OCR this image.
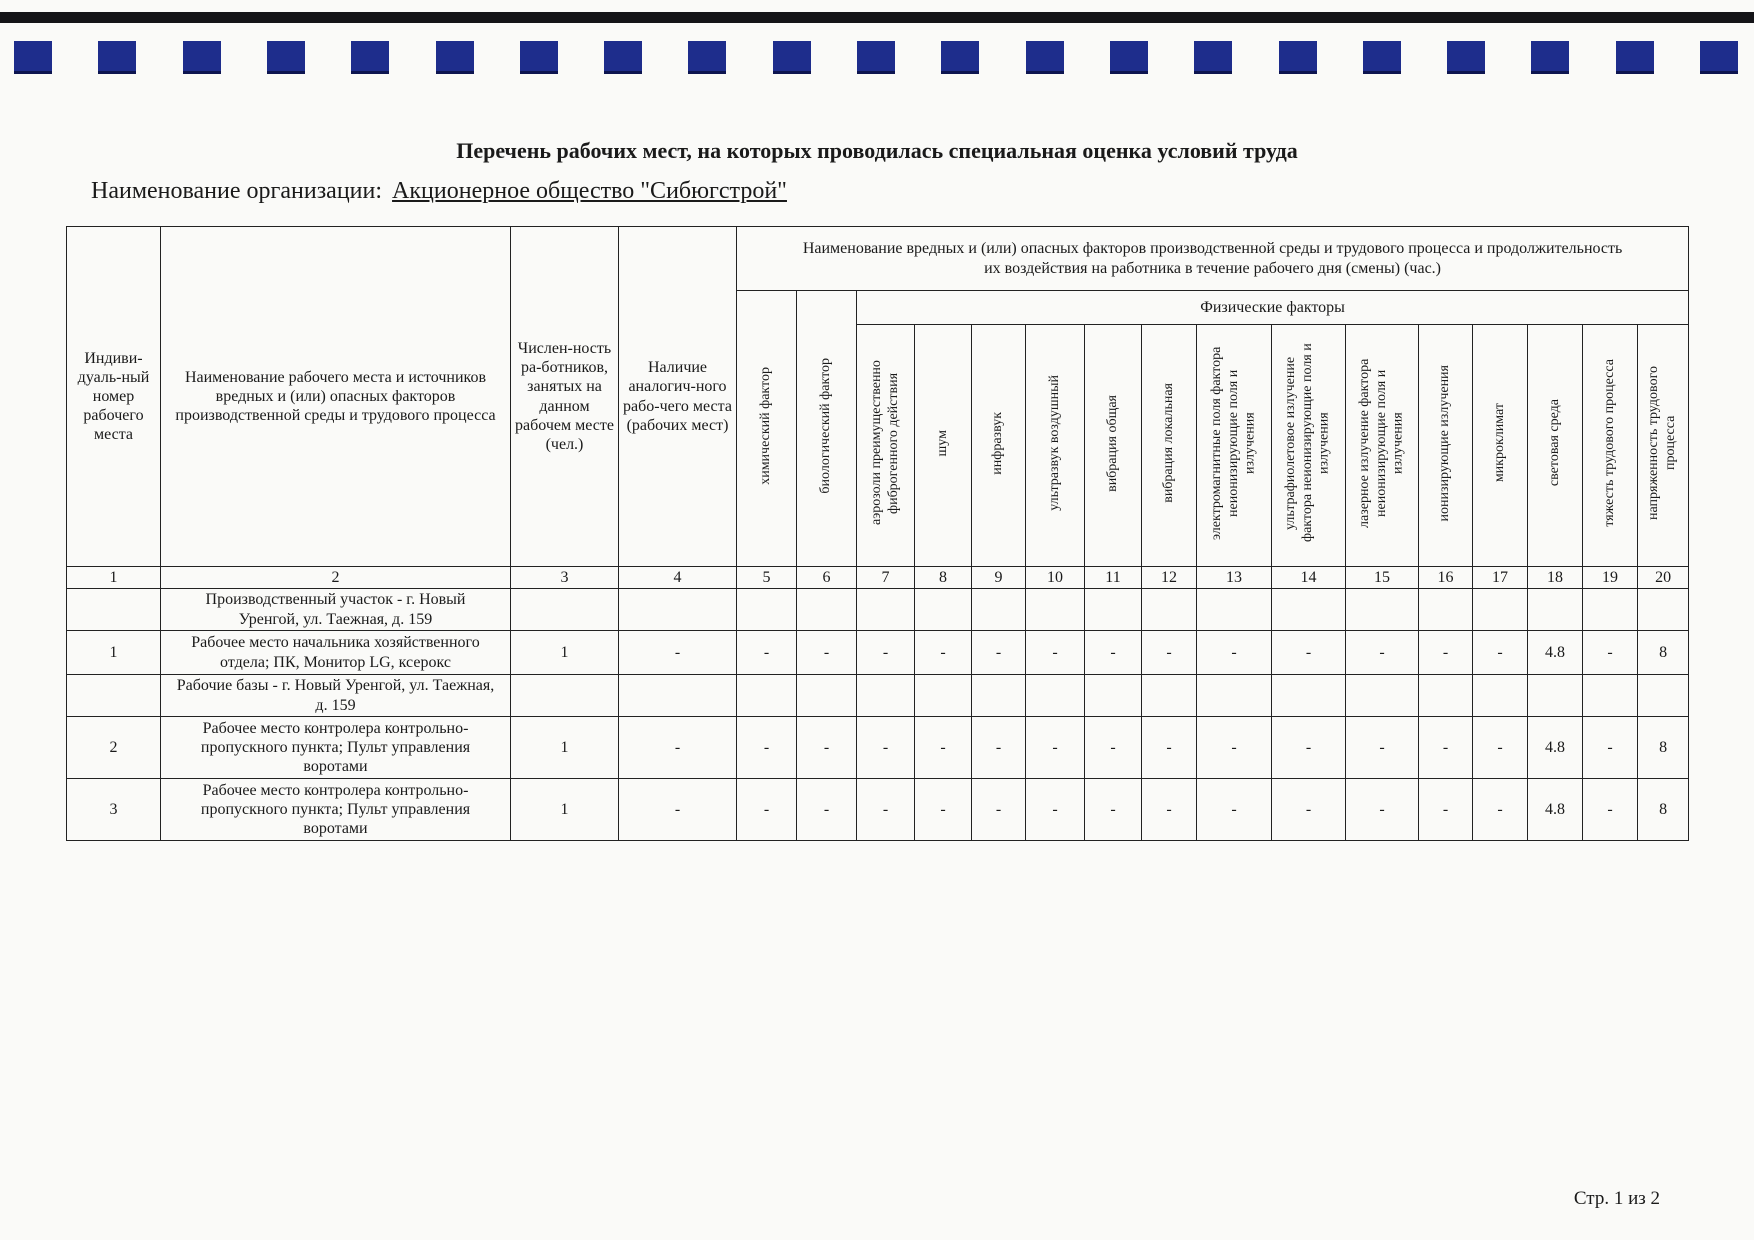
Перечень рабочих мест, на которых проводилась специальная оценка условий труда
Наименование организации: Акционерное общество "Сибюгстрой"
Индиви-дуаль-ный номер рабочего места	Наименование рабочего места и источников вредных и (или) опасных факторов производственной среды и трудового процесса	Числен-ность ра-ботников, занятых на данном рабочем месте (чел.)	Наличие аналогич-ного рабо-чего места (рабочих мест)	Наименование вредных и (или) опасных факторов производственной среды и трудового процесса и продолжительность их воздействия на работника в течение рабочего дня (смены) (час.)															
				химический фактор	биологический фактор	Физические факторы													
						аэрозоли преимущественно фиброгенного действия	шум	инфразвук	ультразвук воздушный	вибрация общая	вибрация локальная	электромагнитные поля фактора неионизирующие поля и излучения	ультрафиолетовое излучение фактора неионизирующие поля и излучения	лазерное излучение фактора неионизирующие поля и излучения	ионизирующие излучения	микроклимат	световая среда	тяжесть трудового процесса	напряженность трудового процесса
1	2	3	4	5	6	7	8	9	10	11	12	13	14	15	16	17	18	19	20
	Производственный участок - г. Новый Уренгой, ул. Таежная, д. 159																		
1	Рабочее место начальника хозяйственного отдела; ПК, Монитор LG, ксерокс	1	-	-	-	-	-	-	-	-	-	-	-	-	-	-	4.8	-	8
	Рабочие базы - г. Новый Уренгой, ул. Таежная, д. 159																		
2	Рабочее место контролера контрольно-пропускного пункта; Пульт управления воротами	1	-	-	-	-	-	-	-	-	-	-	-	-	-	-	4.8	-	8
3	Рабочее место контролера контрольно-пропускного пункта; Пульт управления воротами	1	-	-	-	-	-	-	-	-	-	-	-	-	-	-	4.8	-	8
Стр. 1 из 2
